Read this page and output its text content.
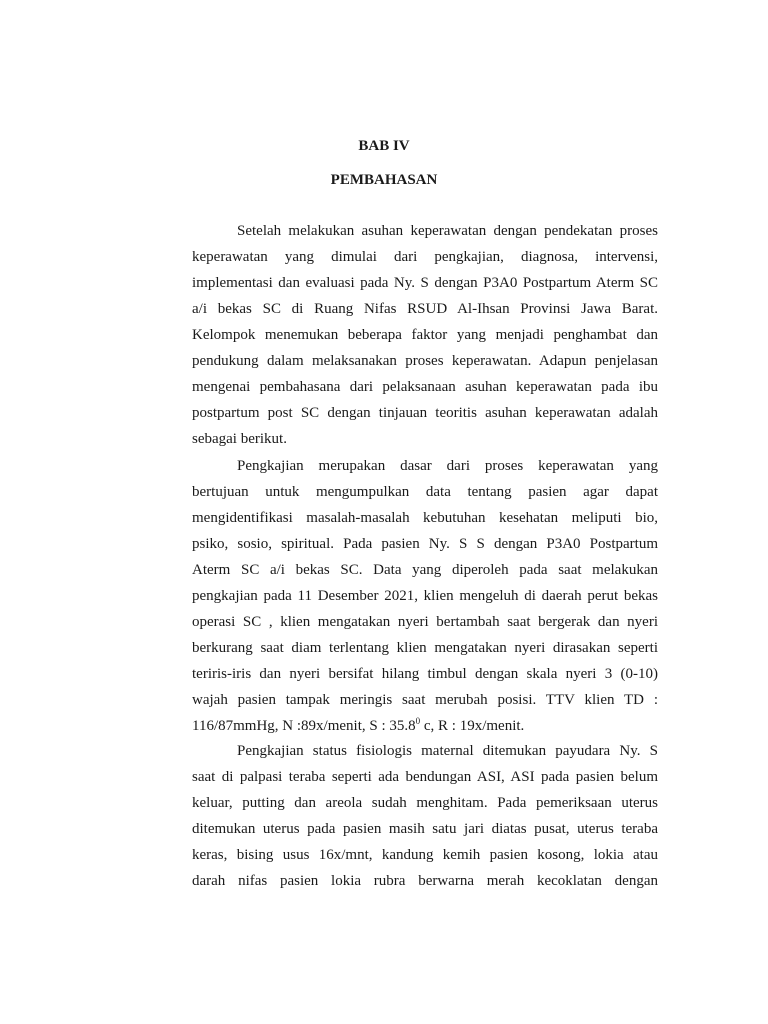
BAB IV
PEMBAHASAN
Setelah melakukan asuhan keperawatan dengan pendekatan proses
keperawatan yang dimulai dari pengkajian, diagnosa, intervensi,
implementasi dan evaluasi pada Ny. S dengan P3A0 Postpartum Aterm SC
a/i bekas SC di Ruang Nifas RSUD Al-Ihsan Provinsi Jawa Barat.
Kelompok menemukan beberapa faktor yang menjadi penghambat dan
pendukung dalam melaksanakan proses keperawatan. Adapun penjelasan
mengenai pembahasana dari pelaksanaan asuhan keperawatan pada ibu
postpartum post SC dengan tinjauan teoritis asuhan keperawatan adalah
sebagai berikut.
Pengkajian merupakan dasar dari proses keperawatan yang
bertujuan untuk mengumpulkan data tentang pasien agar dapat
mengidentifikasi masalah-masalah kebutuhan kesehatan meliputi bio,
psiko, sosio, spiritual. Pada pasien Ny. S S dengan P3A0 Postpartum
Aterm SC a/i bekas SC. Data yang diperoleh pada saat melakukan
pengkajian pada 11 Desember 2021, klien mengeluh di daerah perut bekas
operasi SC , klien mengatakan nyeri bertambah saat bergerak dan nyeri
berkurang saat diam terlentang klien mengatakan nyeri dirasakan seperti
teriris-iris dan nyeri bersifat hilang timbul dengan skala nyeri 3 (0-10)
wajah pasien tampak meringis saat merubah posisi. TTV klien TD :
116/87mmHg, N :89x/menit, S : 35.8$^0$ c, R : 19x/menit.
Pengkajian status fisiologis maternal ditemukan payudara Ny. S
saat di palpasi teraba seperti ada bendungan ASI, ASI pada pasien belum
keluar, putting dan areola sudah menghitam. Pada pemeriksaan uterus
ditemukan uterus pada pasien masih satu jari diatas pusat, uterus teraba
keras, bising usus 16x/mnt, kandung kemih pasien kosong, lokia atau
darah nifas pasien lokia rubra berwarna merah kecoklatan dengan
